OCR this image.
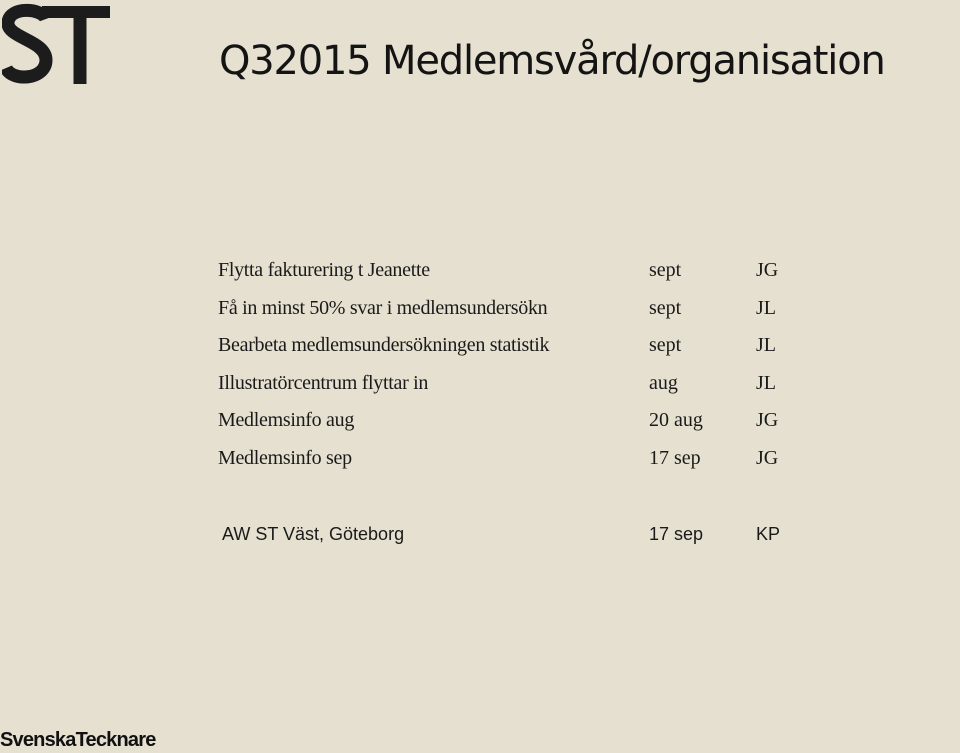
Q32015 Medlemsvård/organisation
Flytta fakturering t Jeanette	sept	JG
Få in minst 50% svar i medlemsundersökn	sept	JL
Bearbeta medlemsundersökningen statistik	sept	JL
Illustratörcentrum flyttar in	aug	JL
Medlemsinfo aug	20 aug	JG
Medlemsinfo sep	17 sep	JG
AW ST Väst, Göteborg	17 sep	KP

SvenskaTecknare
